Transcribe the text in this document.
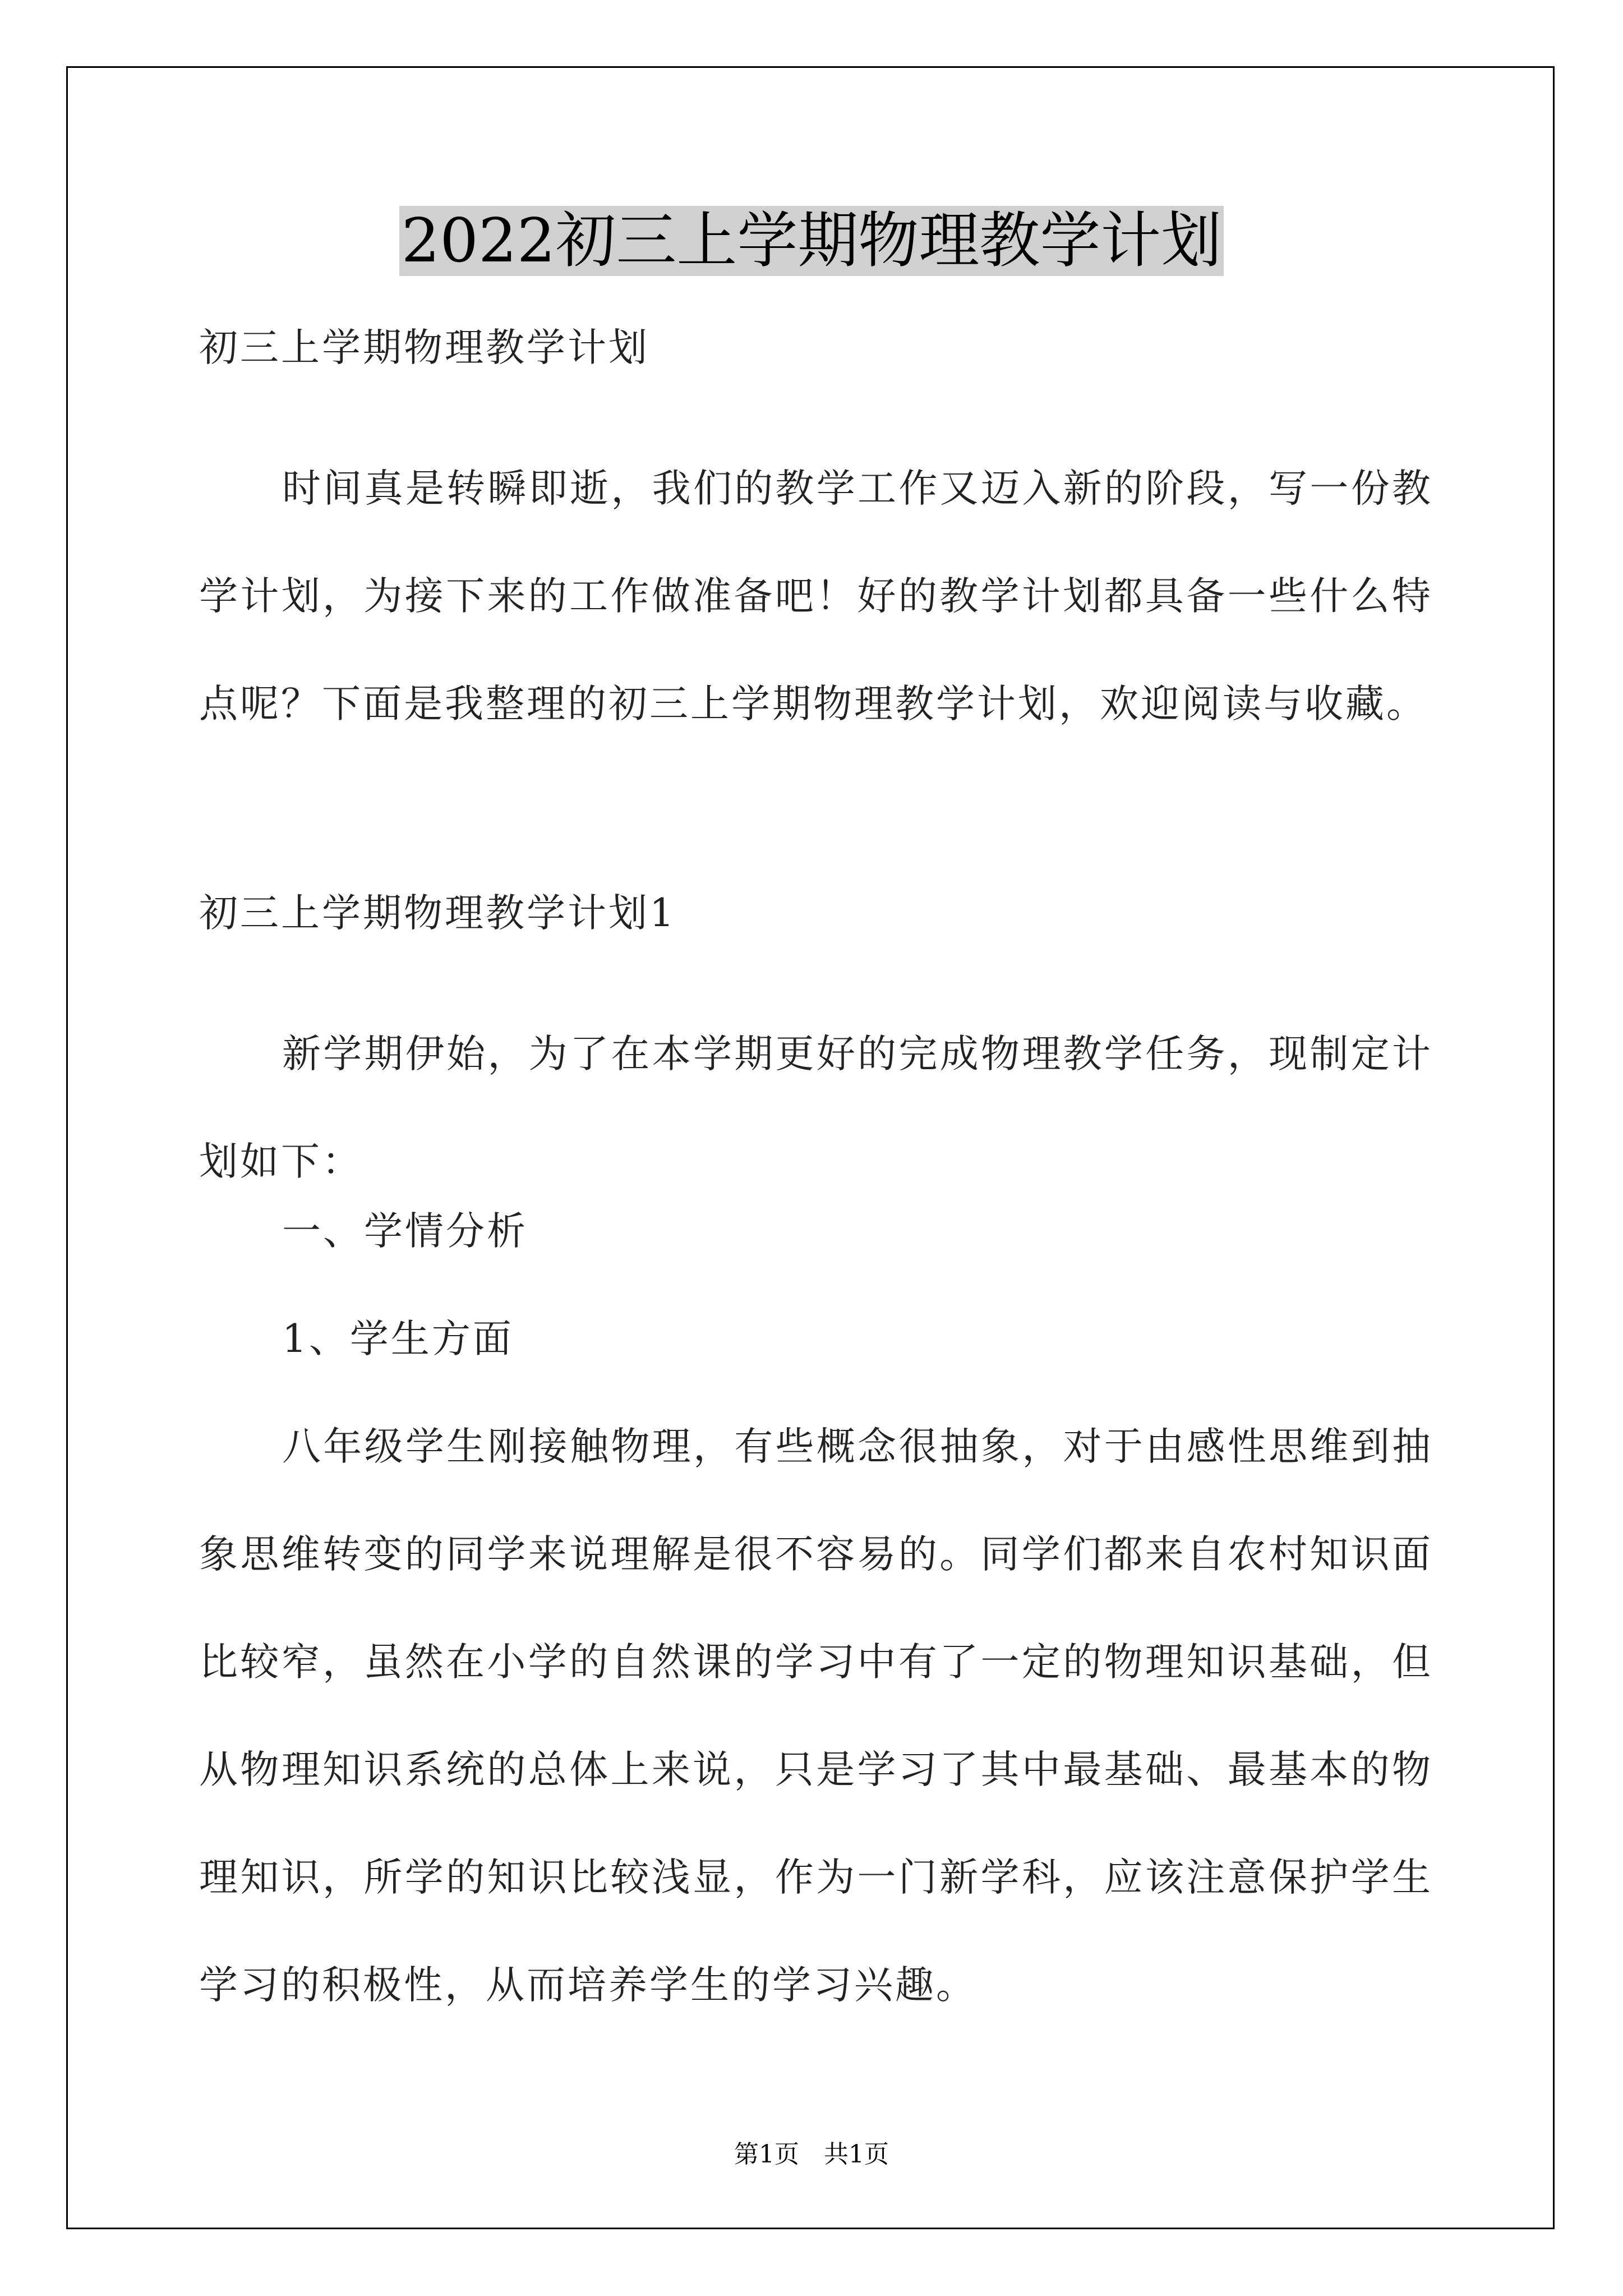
2022初三上学期物理教学计划

初三上学期物理教学计划

时间真是转瞬即逝，我们的教学工作又迈入新的阶段，写一份教学计划，为接下来的工作做准备吧！好的教学计划都具备一些什么特点呢？下面是我整理的初三上学期物理教学计划，欢迎阅读与收藏。

初三上学期物理教学计划1

新学期伊始，为了在本学期更好的完成物理教学任务，现制定计划如下：

一、学情分析

1、学生方面

八年级学生刚接触物理，有些概念很抽象，对于由感性思维到抽象思维转变的同学来说理解是很不容易的。同学们都来自农村知识面比较窄，虽然在小学的自然课的学习中有了一定的物理知识基础，但从物理知识系统的总体上来说，只是学习了其中最基础、最基本的物理知识，所学的知识比较浅显，作为一门新学科，应该注意保护学生学习的积极性，从而培养学生的学习兴趣。

第1页　共1页
